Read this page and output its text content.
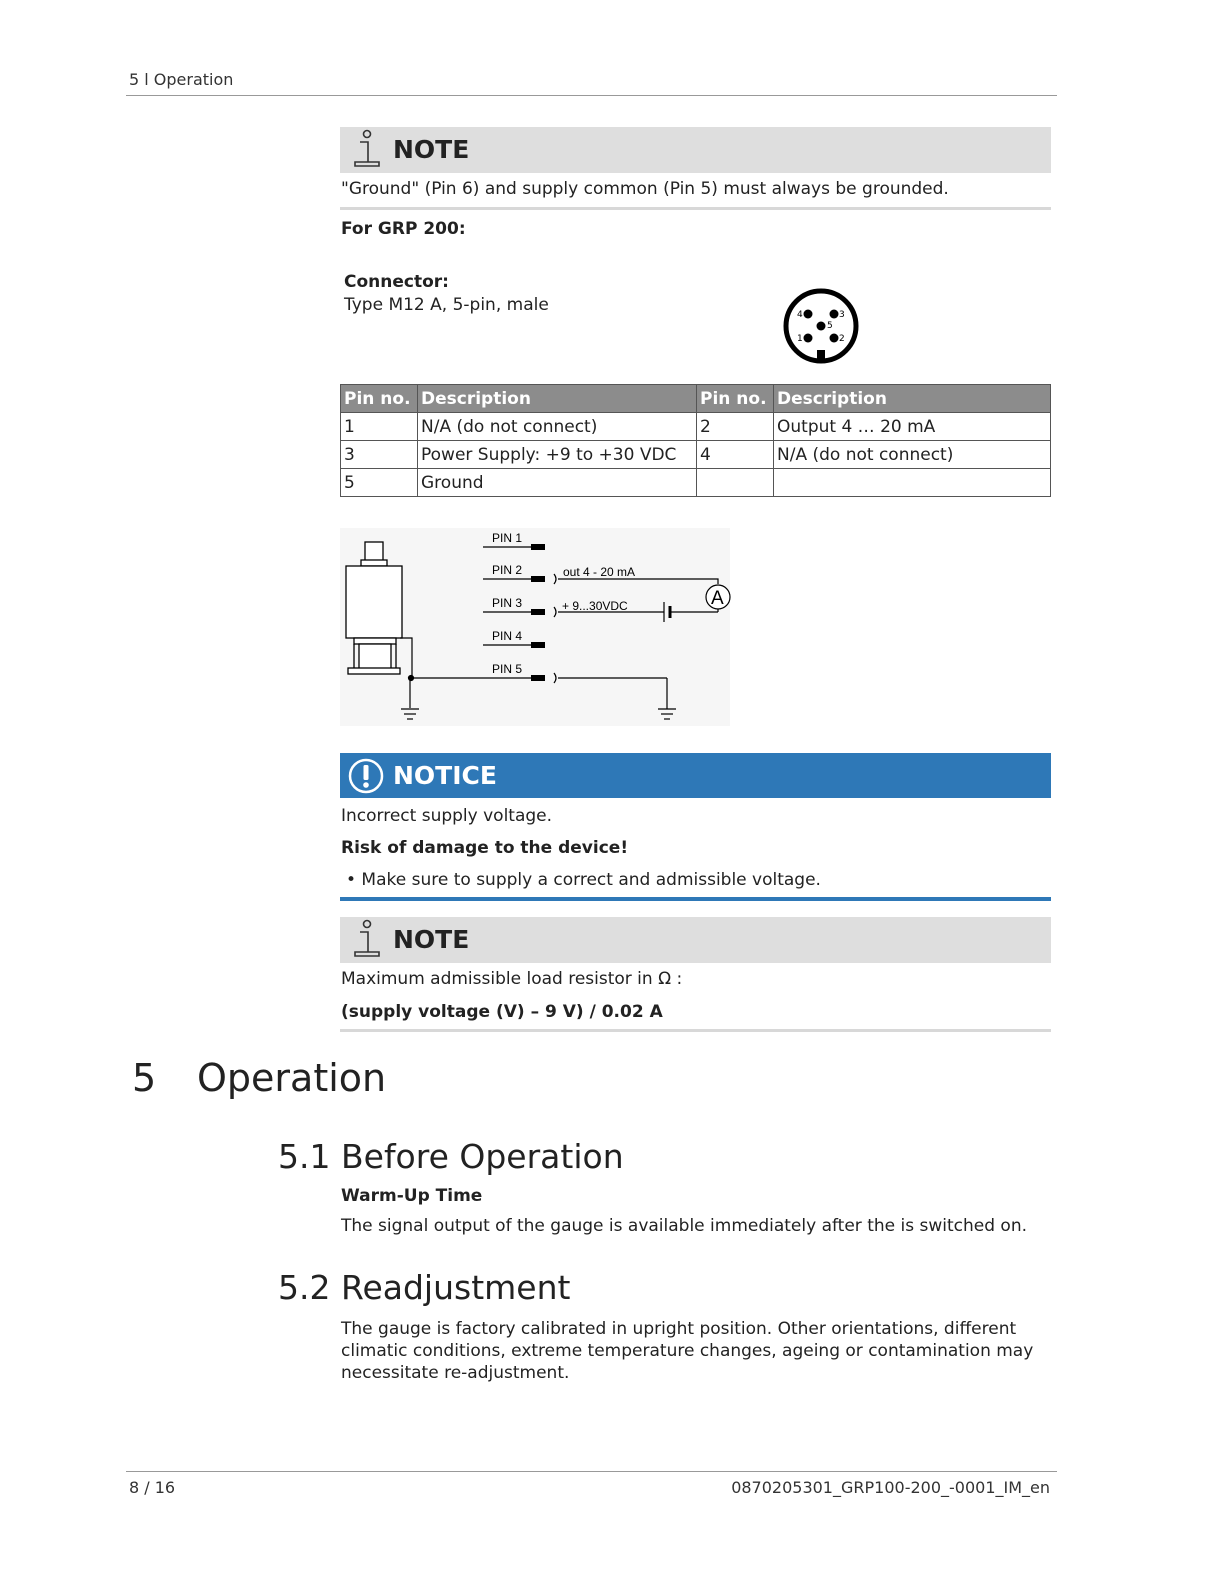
5 l Operation
NOTE
"Ground" (Pin 6) and supply common (Pin 5) must always be grounded.
For GRP 200:
Connector:
Type M12 A, 5-pin, male	4	3
5
1	2
Pin no.	Description	Pin no.	Description
1	N/A (do not connect)	2	Output 4 … 20 mA
3	Power Supply: +9 to +30 VDC	4	N/A (do not connect)
5	Ground		
PIN 1
PIN 2
PIN 3
PIN 4
PIN 5
out 4 - 20 mA
+ 9...30VDC	A
NOTICE
Incorrect supply voltage.
Risk of damage to the device!
• Make sure to supply a correct and admissible voltage.
NOTE
Maximum admissible load resistor in Ω :
(supply voltage (V) – 9 V) / 0.02 A
5 Operation
5.1 Before Operation
Warm-Up Time
The signal output of the gauge is available immediately after the is switched on.
5.2 Readjustment
The gauge is factory calibrated in upright position. Other orientations, different climatic conditions, extreme temperature changes, ageing or contamination may necessitate re-adjustment.
8 / 16	0870205301_GRP100-200_-0001_IM_en
